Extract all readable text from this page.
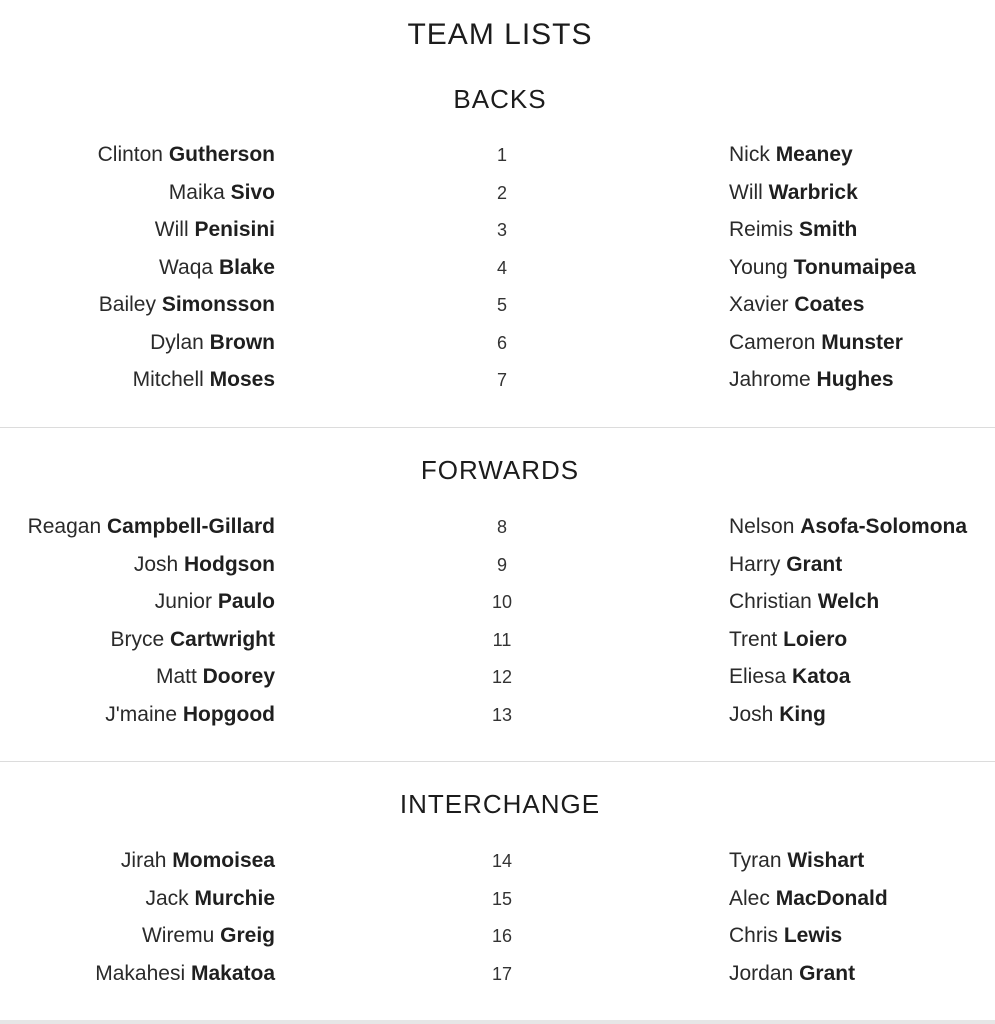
TEAM LISTS
BACKS
Clinton Gutherson	1	Nick Meaney
Maika Sivo	2	Will Warbrick
Will Penisini	3	Reimis Smith
Waqa Blake	4	Young Tonumaipea
Bailey Simonsson	5	Xavier Coates
Dylan Brown	6	Cameron Munster
Mitchell Moses	7	Jahrome Hughes
FORWARDS
Reagan Campbell-Gillard	8	Nelson Asofa-Solomona
Josh Hodgson	9	Harry Grant
Junior Paulo	10	Christian Welch
Bryce Cartwright	11	Trent Loiero
Matt Doorey	12	Eliesa Katoa
J'maine Hopgood	13	Josh King
INTERCHANGE
Jirah Momoisea	14	Tyran Wishart
Jack Murchie	15	Alec MacDonald
Wiremu Greig	16	Chris Lewis
Makahesi Makatoa	17	Jordan Grant
